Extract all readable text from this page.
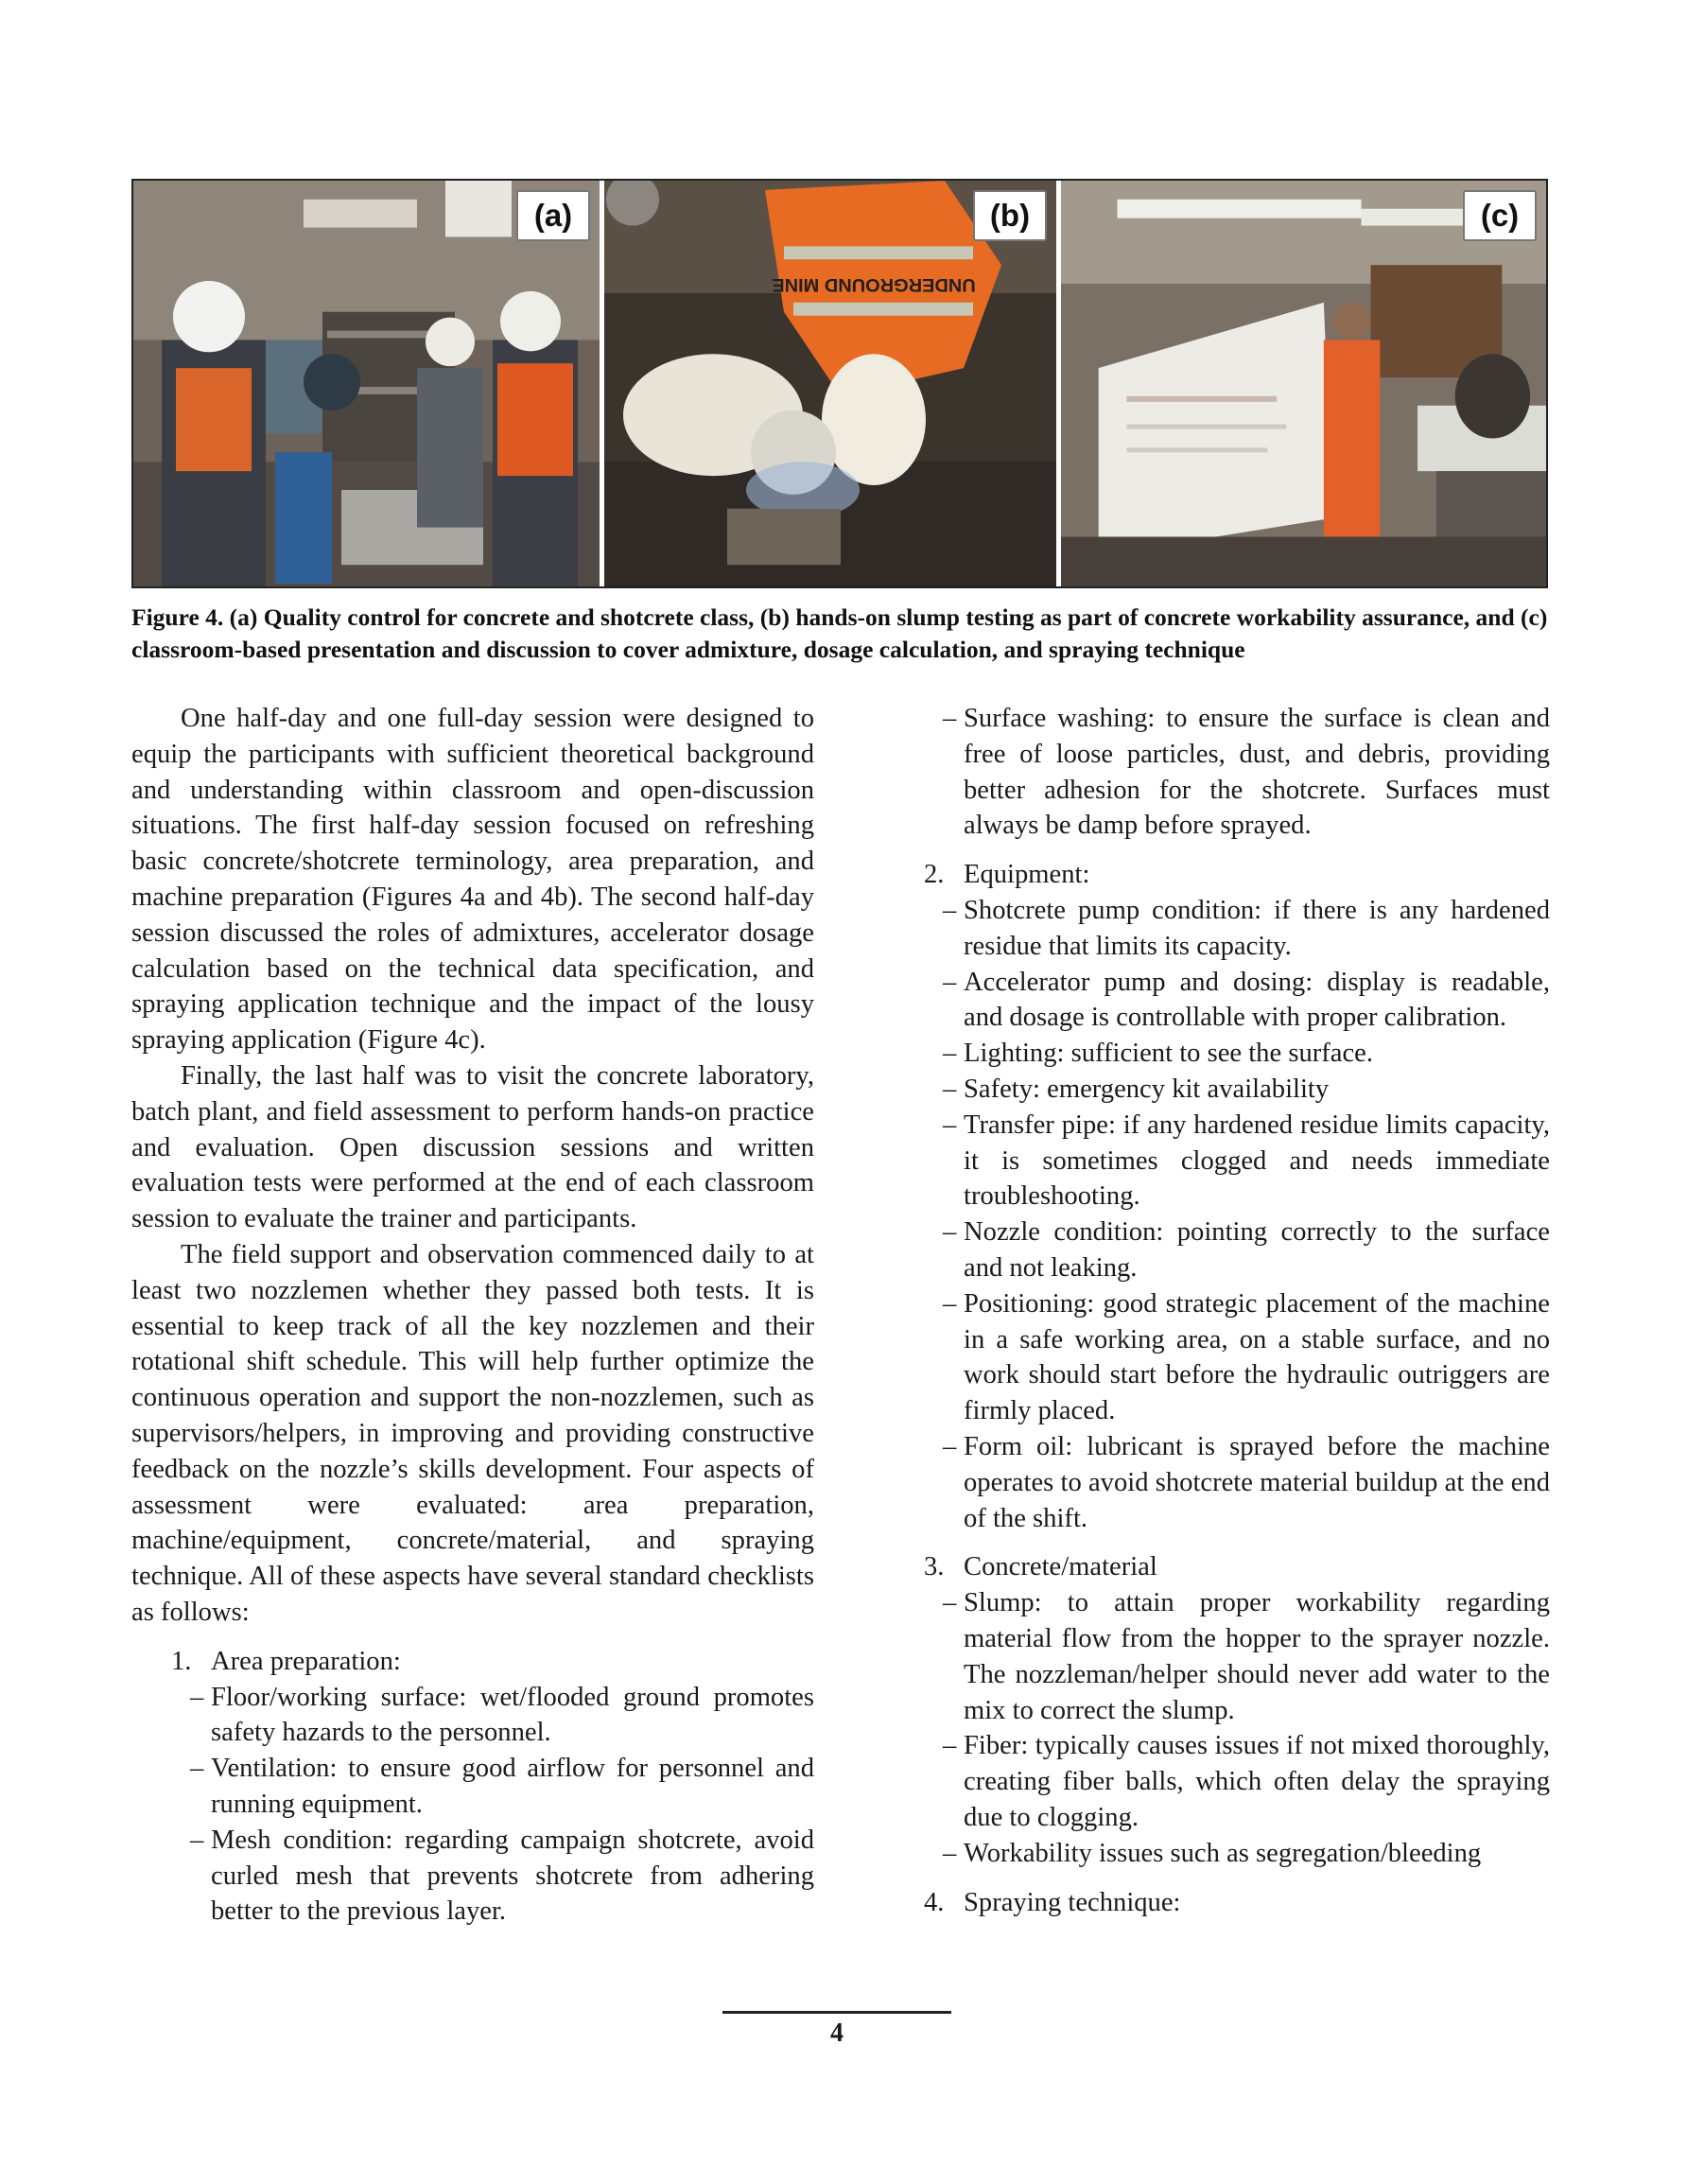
(a)
UNDERGROUND MINE
(b)	(c)

Figure 4. (a) Quality control for concrete and shotcrete class, (b) hands-on slump testing as part of concrete workability assurance, and (c) classroom-based presentation and discussion to cover admixture, dosage calculation, and spraying technique

One half-day and one full-day session were designed to equip the participants with sufficient theoretical background and understanding within classroom and open-discussion situations. The first half-day session focused on refreshing basic concrete/shotcrete terminology, area preparation, and machine preparation (Figures 4a and 4b). The second half-day session discussed the roles of admixtures, accelerator dosage calculation based on the technical data specification, and spraying application technique and the impact of the lousy spraying application (Figure 4c).

Finally, the last half was to visit the concrete laboratory, batch plant, and field assessment to perform hands-on practice and evaluation. Open discussion sessions and written evaluation tests were performed at the end of each classroom session to evaluate the trainer and participants.

The field support and observation commenced daily to at least two nozzlemen whether they passed both tests. It is essential to keep track of all the key nozzlemen and their rotational shift schedule. This will help further optimize the continuous operation and support the non-nozzlemen, such as supervisors/helpers, in improving and providing constructive feedback on the nozzle’s skills development. Four aspects of assessment were evaluated: area preparation, machine/equipment, concrete/material, and spraying technique. All of these aspects have several standard checklists as follows:

1. Area preparation:
– Floor/working surface: wet/flooded ground promotes safety hazards to the personnel.
– Ventilation: to ensure good airflow for personnel and running equipment.
– Mesh condition: regarding campaign shotcrete, avoid curled mesh that prevents shotcrete from adhering better to the previous layer.
– Surface washing: to ensure the surface is clean and free of loose particles, dust, and debris, providing better adhesion for the shotcrete. Surfaces must always be damp before sprayed.
2. Equipment:
– Shotcrete pump condition: if there is any hardened residue that limits its capacity.
– Accelerator pump and dosing: display is readable, and dosage is controllable with proper calibration.
– Lighting: sufficient to see the surface.
– Safety: emergency kit availability
– Transfer pipe: if any hardened residue limits capacity, it is sometimes clogged and needs immediate troubleshooting.
– Nozzle condition: pointing correctly to the surface and not leaking.
– Positioning: good strategic placement of the machine in a safe working area, on a stable surface, and no work should start before the hydraulic outriggers are firmly placed.
– Form oil: lubricant is sprayed before the machine operates to avoid shotcrete material buildup at the end of the shift.
3. Concrete/material
– Slump: to attain proper workability regarding material flow from the hopper to the sprayer nozzle. The nozzleman/helper should never add water to the mix to correct the slump.
– Fiber: typically causes issues if not mixed thoroughly, creating fiber balls, which often delay the spraying due to clogging.
– Workability issues such as segregation/bleeding
4. Spraying technique:
4
